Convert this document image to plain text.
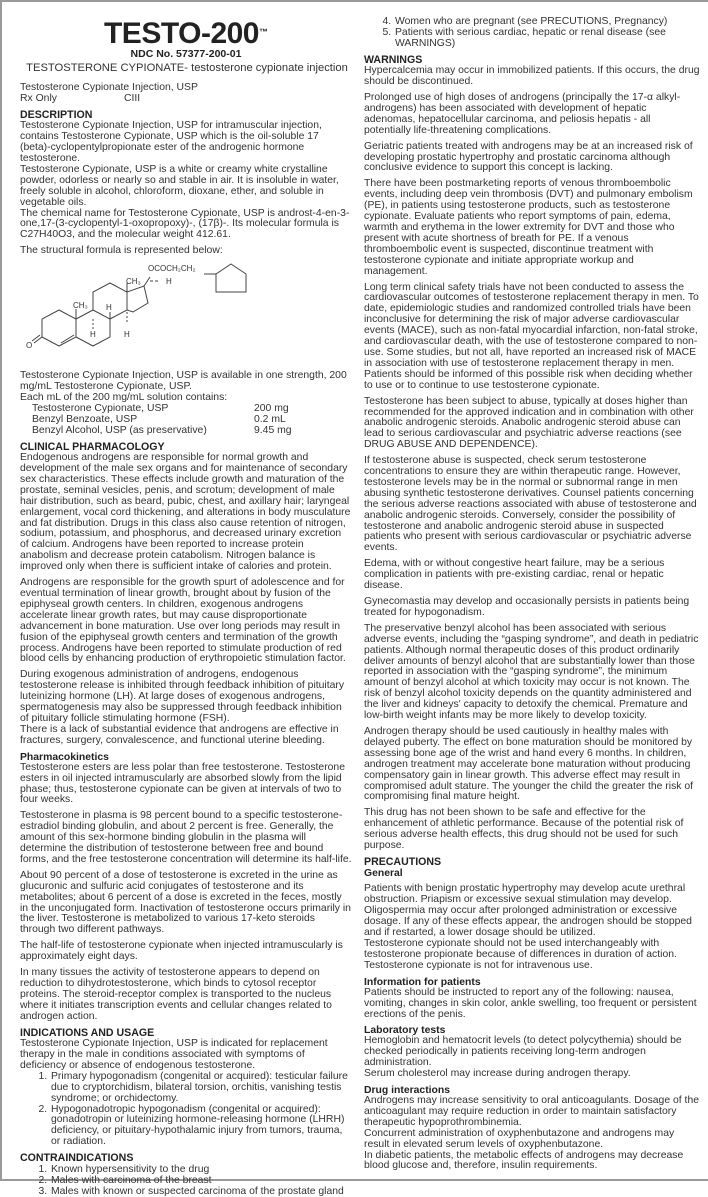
TESTO-200™
NDC No. 57377-200-01
TESTOSTERONE CYPIONATE- testosterone cypionate injection
Testosterone Cypionate Injection, USP
Rx Only	CIII
DESCRIPTION

Testosterone Cypionate Injection, USP for intramuscular injection, contains Testosterone Cypionate, USP which is the oil-soluble 17 (beta)-cyclopentylpropionate ester of the androgenic hormone testosterone.

Testosterone Cypionate, USP is a white or creamy white crystalline powder, odorless or nearly so and stable in air. It is insoluble in water, freely soluble in alcohol, chloroform, dioxane, ether, and soluble in vegetable oils.

The chemical name for Testosterone Cypionate, USP is androst-4-en-3-one,17-(3-cyclopentyl-1-oxopropoxy)-, (17β)-. Its molecular formula is C27H40O3, and the molecular weight 412.61.

The structural formula is represented below:

OCOCH₂CH₂
CH₃	H
CH₃ H
H	H
O

Testosterone Cypionate Injection, USP is available in one strength, 200 mg/mL Testosterone Cypionate, USP.

Each mL of the 200 mg/mL solution contains:
Testosterone Cypionate, USP	200 mg
Benzyl Benzoate, USP	0.2 mL
Benzyl Alcohol, USP (as preservative)	9.45 mg
CLINICAL PHARMACOLOGY

Endogenous androgens are responsible for normal growth and development of the male sex organs and for maintenance of secondary sex characteristics. These effects include growth and maturation of the prostate, seminal vesicles, penis, and scrotum; development of male hair distribution, such as beard, pubic, chest, and axillary hair; laryngeal enlargement, vocal cord thickening, and alterations in body musculature and fat distribution. Drugs in this class also cause retention of nitrogen, sodium, potassium, and phosphorus, and decreased urinary excretion of calcium. Androgens have been reported to increase protein anabolism and decrease protein catabolism. Nitrogen balance is improved only when there is sufficient intake of calories and protein.

Androgens are responsible for the growth spurt of adolescence and for eventual termination of linear growth, brought about by fusion of the epiphyseal growth centers. In children, exogenous androgens accelerate linear growth rates, but may cause disproportionate advancement in bone maturation. Use over long periods may result in fusion of the epiphyseal growth centers and termination of the growth process. Androgens have been reported to stimulate production of red blood cells by enhancing production of erythropoietic stimulation factor.

During exogenous administration of androgens, endogenous testosterone release is inhibited through feedback inhibition of pituitary luteinizing hormone (LH). At large doses of exogenous androgens, spermatogenesis may also be suppressed through feedback inhibition of pituitary follicle stimulating hormone (FSH).

There is a lack of substantial evidence that androgens are effective in fractures, surgery, convalescence, and functional uterine bleeding.

Pharmacokinetics

Testosterone esters are less polar than free testosterone. Testosterone esters in oil injected intramuscularly are absorbed slowly from the lipid phase; thus, testosterone cypionate can be given at intervals of two to four weeks.

Testosterone in plasma is 98 percent bound to a specific testosterone-estradiol binding globulin, and about 2 percent is free. Generally, the amount of this sex-hormone binding globulin in the plasma will determine the distribution of testosterone between free and bound forms, and the free testosterone concentration will determine its half-life.

About 90 percent of a dose of testosterone is excreted in the urine as glucuronic and sulfuric acid conjugates of testosterone and its metabolites; about 6 percent of a dose is excreted in the feces, mostly in the unconjugated form. Inactivation of testosterone occurs primarily in the liver. Testosterone is metabolized to various 17-keto steroids through two different pathways.

The half-life of testosterone cypionate when injected intramuscularly is approximately eight days.

In many tissues the activity of testosterone appears to depend on reduction to dihydrotestosterone, which binds to cytosol receptor proteins. The steroid-receptor complex is transported to the nucleus where it initiates transcription events and cellular changes related to androgen action.

INDICATIONS AND USAGE

Testosterone Cypionate Injection, USP is indicated for replacement therapy in the male in conditions associated with symptoms of deficiency or absence of endogenous testosterone.

1. Primary hypogonadism (congenital or acquired): testicular failure due to cryptorchidism, bilateral torsion, orchitis, vanishing testis syndrome; or orchidectomy.
2. Hypogonadotropic hypogonadism (congenital or acquired): gonadotropin or luteinizing hormone-releasing hormone (LHRH) deficiency, or pituitary-hypothalamic injury from tumors, trauma, or radiation.
CONTRAINDICATIONS
1. Known hypersensitivity to the drug
2. Males with carcinoma of the breast
3. Males with known or suspected carcinoma of the prostate gland
4. Women who are pregnant (see PRECUTIONS, Pregnancy)
5. Patients with serious cardiac, hepatic or renal disease (see WARNINGS)
WARNINGS

Hypercalcemia may occur in immobilized patients. If this occurs, the drug should be discontinued.

Prolonged use of high doses of androgens (principally the 17-α alkyl-androgens) has been associated with development of hepatic adenomas, hepatocellular carcinoma, and peliosis hepatis - all potentially life-threatening complications.

Geriatric patients treated with androgens may be at an increased risk of developing prostatic hypertrophy and prostatic carcinoma although conclusive evidence to support this concept is lacking.

There have been postmarketing reports of venous thromboembolic events, including deep vein thrombosis (DVT) and pulmonary embolism (PE), in patients using testosterone products, such as testosterone cypionate. Evaluate patients who report symptoms of pain, edema, warmth and erythema in the lower extremity for DVT and those who present with acute shortness of breath for PE. If a venous thromboembolic event is suspected, discontinue treatment with testosterone cypionate and initiate appropriate workup and management.

Long term clinical safety trials have not been conducted to assess the cardiovascular outcomes of testosterone replacement therapy in men. To date, epidemiologic studies and randomized controlled trials have been inconclusive for determining the risk of major adverse cardiovascular events (MACE), such as non-fatal myocardial infarction, non-fatal stroke, and cardiovascular death, with the use of testosterone compared to non-use. Some studies, but not all, have reported an increased risk of MACE in association with use of testosterone replacement therapy in men. Patients should be informed of this possible risk when deciding whether to use or to continue to use testosterone cypionate.

Testosterone has been subject to abuse, typically at doses higher than recommended for the approved indication and in combination with other anabolic androgenic steroids. Anabolic androgenic steroid abuse can lead to serious cardiovascular and psychiatric adverse reactions (see DRUG ABUSE AND DEPENDENCE).

If testosterone abuse is suspected, check serum testosterone concentrations to ensure they are within therapeutic range. However, testosterone levels may be in the normal or subnormal range in men abusing synthetic testosterone derivatives. Counsel patients concerning the serious adverse reactions associated with abuse of testosterone and anabolic androgenic steroids. Conversely, consider the possibility of testosterone and anabolic androgenic steroid abuse in suspected patients who present with serious cardiovascular or psychiatric adverse events.

Edema, with or without congestive heart failure, may be a serious complication in patients with pre-existing cardiac, renal or hepatic disease.

Gynecomastia may develop and occasionally persists in patients being treated for hypogonadism.

The preservative benzyl alcohol has been associated with serious adverse events, including the “gasping syndrome”, and death in pediatric patients. Although normal therapeutic doses of this product ordinarily deliver amounts of benzyl alcohol that are substantially lower than those reported in association with the “gasping syndrome”, the minimum amount of benzyl alcohol at which toxicity may occur is not known. The risk of benzyl alcohol toxicity depends on the quantity administered and the liver and kidneys' capacity to detoxify the chemical. Premature and low-birth weight infants may be more likely to develop toxicity.

Androgen therapy should be used cautiously in healthy males with delayed puberty. The effect on bone maturation should be monitored by assessing bone age of the wrist and hand every 6 months. In children, androgen treatment may accelerate bone maturation without producing compensatory gain in linear growth. This adverse effect may result in compromised adult stature. The younger the child the greater the risk of compromising final mature height.

This drug has not been shown to be safe and effective for the enhancement of athletic performance. Because of the potential risk of serious adverse health effects, this drug should not be used for such purpose.

PRECAUTIONS
General

Patients with benign prostatic hypertrophy may develop acute urethral obstruction. Priapism or excessive sexual stimulation may develop. Oligospermia may occur after prolonged administration or excessive dosage. If any of these effects appear, the androgen should be stopped and if restarted, a lower dosage should be utilized.

Testosterone cypionate should not be used interchangeably with testosterone propionate because of differences in duration of action.

Testosterone cypionate is not for intravenous use.

Information for patients

Patients should be instructed to report any of the following: nausea, vomiting, changes in skin color, ankle swelling, too frequent or persistent erections of the penis.

Laboratory tests

Hemoglobin and hematocrit levels (to detect polycythemia) should be checked periodically in patients receiving long-term androgen administration.

Serum cholesterol may increase during androgen therapy.

Drug interactions

Androgens may increase sensitivity to oral anticoagulants. Dosage of the anticoagulant may require reduction in order to maintain satisfactory therapeutic hypoprothrombinemia.

Concurrent administration of oxyphenbutazone and androgens may result in elevated serum levels of oxyphenbutazone.

In diabetic patients, the metabolic effects of androgens may decrease blood glucose and, therefore, insulin requirements.
